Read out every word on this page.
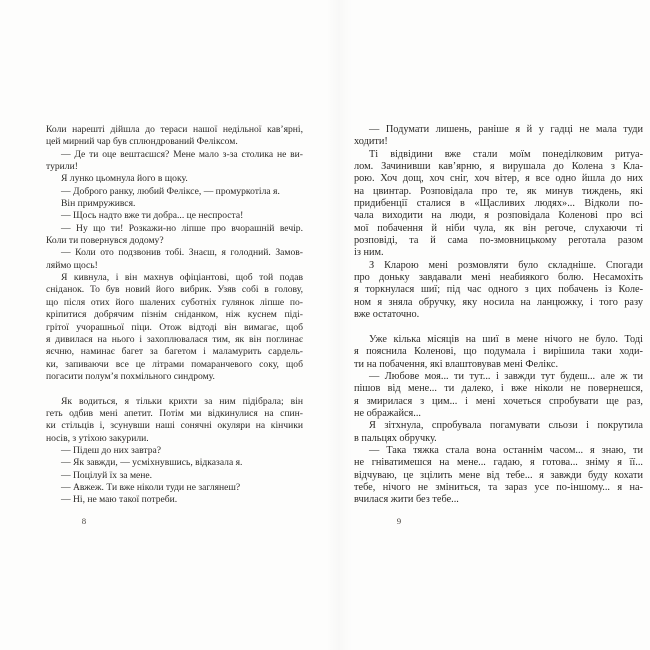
Коли нарешті дійшла до тераси нашої недільної кав’ярні,
цей мирний чар був сплюндрований Феліксом.
— Де ти оце вештаєшся? Мене мало з-за столика не ви-
турили!
Я лунко цьомнула його в щоку.
— Доброго ранку, любий Феліксе, — промуркотіла я.
Він примружився.
— Щось надто вже ти добра... це неспроста!
— Ну що ти! Розкажи-но ліпше про вчорашній вечір.
Коли ти повернувся додому?
— Коли ото подзвонив тобі. Знаєш, я голодний. Замов-
ляймо щось!
Я кивнула, і він махнув офіціантові, щоб той подав
сніданок. То був новий його вибрик. Узяв собі в голову,
що після отих його шалених суботніх гулянок ліпше по-
кріпитися добрячим пізнім сніданком, ніж куснем піді-
грітої учорашньої піци. Отож відтоді він вимагає, щоб
я дивилася на нього і захоплювалася тим, як він поглинає
яєчню, наминає багет за багетом і маламурить сардель-
ки, запиваючи все це літрами помаранчевого соку, щоб
погасити полум’я похмільного синдрому.
Як водиться, я тільки крихти за ним підібрала; він
геть одбив мені апетит. Потім ми відкинулися на спин-
ки стільців і, зсунувши наші сонячні окуляри на кінчики
носів, з утіхою закурили.
— Підеш до них завтра?
— Як завжди, — усміхнувшись, відказала я.
— Поцілуй їх за мене.
— Авжеж. Ти вже ніколи туди не заглянеш?
— Ні, не маю такої потреби.
— Подумати лишень, раніше я й у гадці не мала туди
ходити!
Ті відвідини вже стали моїм понеділковим ритуа-
лом. Зачинивши кав’ярню, я вирушала до Колена з Кла-
рою. Хоч дощ, хоч сніг, хоч вітер, я все одно йшла до них
на цвинтар. Розповідала про те, як минув тиждень, які
придибенції сталися в «Щасливих людях»... Відколи по-
чала виходити на люди, я розповідала Коленові про всі
мої побачення й ніби чула, як він регоче, слухаючи ті
розповіді, та й сама по-змовницькому реготала разом
із ним.
З Кларою мені розмовляти було складніше. Спогади
про доньку завдавали мені неабиякого болю. Несамохіть
я торкнулася шиї; під час одного з цих побачень із Коле-
ном я зняла обручку, яку носила на ланцюжку, і того разу
вже остаточно.
Уже кілька місяців на шиї в мене нічого не було. Тоді
я пояснила Коленові, що подумала і вирішила таки ходи-
ти на побачення, які влаштовував мені Фелікс.
— Любове моя... ти тут... і завжди тут будеш... але ж ти
пішов від мене... ти далеко, і вже ніколи не повернешся,
я змирилася з цим... і мені хочеться спробувати ще раз,
не ображайся...
Я зітхнула, спробувала погамувати сльози і покрутила
в пальцях обручку.
— Така тяжка стала вона останнім часом... я знаю, ти
не гніватимешся на мене... гадаю, я готова... зніму я її...
відчуваю, це зцілить мене від тебе... я завжди буду кохати
тебе, нічого не зміниться, та зараз усе по-іншому... я на-
вчилася жити без тебе...
8	9
